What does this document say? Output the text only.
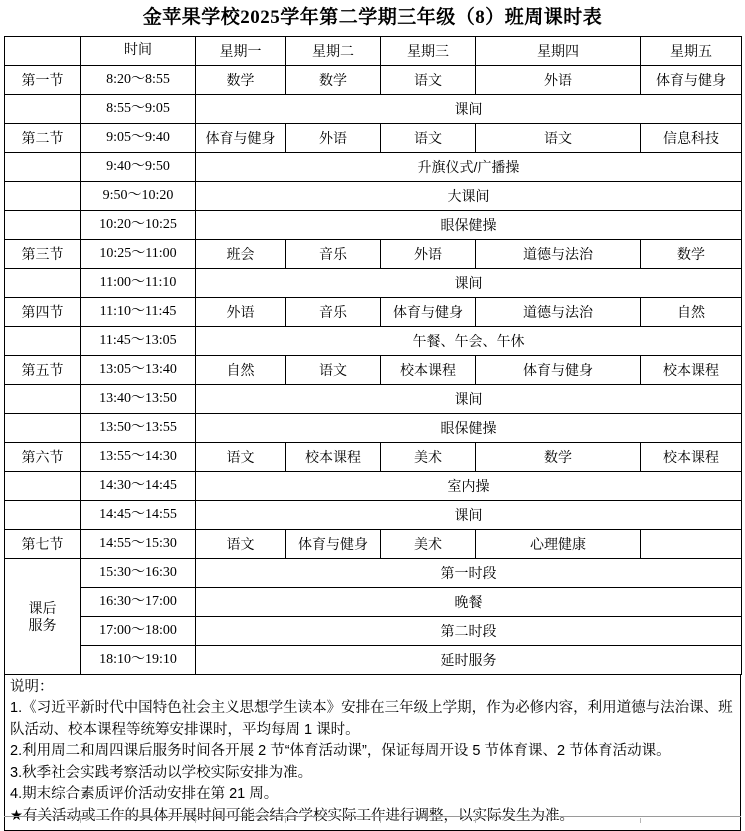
金苹果学校2025学年第二学期三年级（8）班周课时表
	时间	星期一	星期二	星期三	星期四	星期五
第一节	8:20～8:55	数学	数学	语文	外语	体育与健身
	8:55～9:05	课间				
第二节	9:05～9:40	体育与健身	外语	语文	语文	信息科技
	9:40～9:50	升旗仪式/广播操				
	9:50～10:20	大课间				
	10:20～10:25	眼保健操				
第三节	10:25～11:00	班会	音乐	外语	道德与法治	数学
	11:00～11:10	课间				
第四节	11:10～11:45	外语	音乐	体育与健身	道德与法治	自然
	11:45～13:05	午餐、午会、午休				
第五节	13:05～13:40	自然	语文	校本课程	体育与健身	校本课程
	13:40～13:50	课间				
	13:50～13:55	眼保健操				
第六节	13:55～14:30	语文	校本课程	美术	数学	校本课程
	14:30～14:45	室内操				
	14:45～14:55	课间				
第七节	14:55～15:30	语文	体育与健身	美术	心理健康	

课后
服务	15:30～16:30	第一时段				
	16:30～17:00	晚餐				
	17:00～18:00	第二时段				
	18:10～19:10	延时服务				
说明：
1.《习近平新时代中国特色社会主义思想学生读本》安排在三年级上学期，作为必修内容，利用道德与法治课、班队活动、校本课程等统筹安排课时，平均每周 1 课时。
2.利用周二和周四课后服务时间各开展 2 节“体育活动课”，保证每周开设 5 节体育课、2 节体育活动课。
3.秋季社会实践考察活动以学校实际安排为准。
4.期末综合素质评价活动安排在第 21 周。
★有关活动或工作的具体开展时间可能会结合学校实际工作进行调整，以实际发生为准。
